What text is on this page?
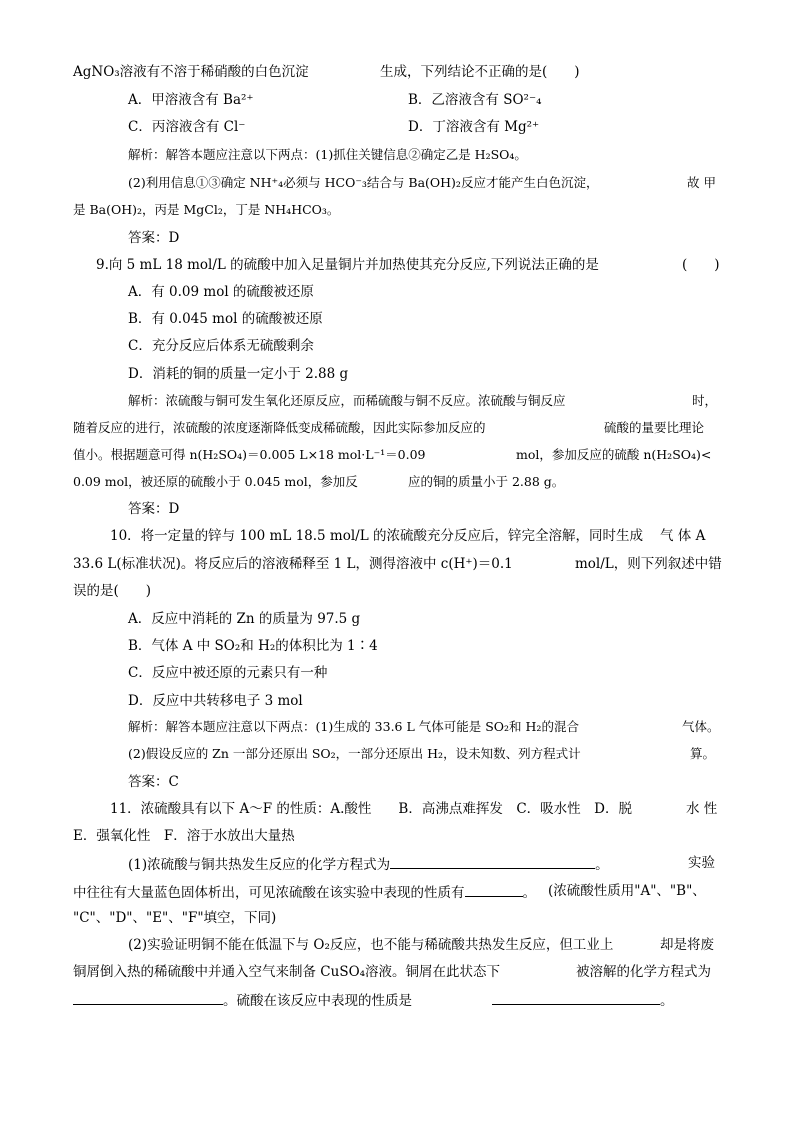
AgNO₃溶液有不溶于稀硝酸的白色沉淀	生成，下列结论不正确的是(　　)
A．甲溶液含有 Ba²⁺	B．乙溶液含有 SO²⁻₄
C．丙溶液含有 Cl⁻	D．丁溶液含有 Mg²⁺
解析：解答本题应注意以下两点：(1)抓住关键信息②确定乙是 H₂SO₄。
(2)利用信息①③确定 NH⁺₄必须与 HCO⁻₃结合与 Ba(OH)₂反应才能产生白色沉淀，	故 甲
是 Ba(OH)₂，丙是 MgCl₂，丁是 NH₄HCO₃。
答案：D
9.向 5 mL 18 mol/L 的硫酸中加入足量铜片并加热使其充分反应,下列说法正确的是	(　　)
A．有 0.09 mol 的硫酸被还原
B．有 0.045 mol 的硫酸被还原
C．充分反应后体系无硫酸剩余
D．消耗的铜的质量一定小于 2.88 g
解析：浓硫酸与铜可发生氧化还原反应，而稀硫酸与铜不反应。浓硫酸与铜反应	时，
随着反应的进行，浓硫酸的浓度逐渐降低变成稀硫酸，因此实际参加反应的	硫酸的量要比理论
值小。根据题意可得 n(H₂SO₄)＝0.005 L×18 mol·L⁻¹＝0.09	mol，参加反应的硫酸 n(H₂SO₄)<
0.09 mol，被还原的硫酸小于 0.045 mol，参加反	应的铜的质量小于 2.88 g。
答案：D
10．将一定量的锌与 100 mL 18.5 mol/L 的浓硫酸充分反应后，锌完全溶解，同时生成 气 体 A
33.6 L(标准状况)。将反应后的溶液稀释至 1 L，测得溶液中 c(H⁺)＝0.1	mol/L，则下列叙述中错
误的是(　　)
A．反应中消耗的 Zn 的质量为 97.5 g
B．气体 A 中 SO₂和 H₂的体积比为 1∶4
C．反应中被还原的元素只有一种
D．反应中共转移电子 3 mol
解析：解答本题应注意以下两点：(1)生成的 33.6 L 气体可能是 SO₂和 H₂的混合	气体。
(2)假设反应的 Zn 一部分还原出 SO₂，一部分还原出 H₂，设未知数、列方程式计	算。
答案：C
11．浓硫酸具有以下 A～F 的性质：A.酸性　　B．高沸点难挥发　C．吸水性　D．脱	水 性
E．强氧化性　F．溶于水放出大量热
(1)浓硫酸与铜共热发生反应的化学方程式为	。	实验
中往往有大量蓝色固体析出，可见浓硫酸在该实验中表现的性质有	。 (浓硫酸性质用"A"、"B"、
"C"、"D"、"E"、"F"填空，下同)
(2)实验证明铜不能在低温下与 O₂反应，也不能与稀硫酸共热发生反应，但工业上	却是将废
铜屑倒入热的稀硫酸中并通入空气来制备 CuSO₄溶液。铜屑在此状态下	被溶解的化学方程式为
。硫酸在该反应中表现的性质是	。
